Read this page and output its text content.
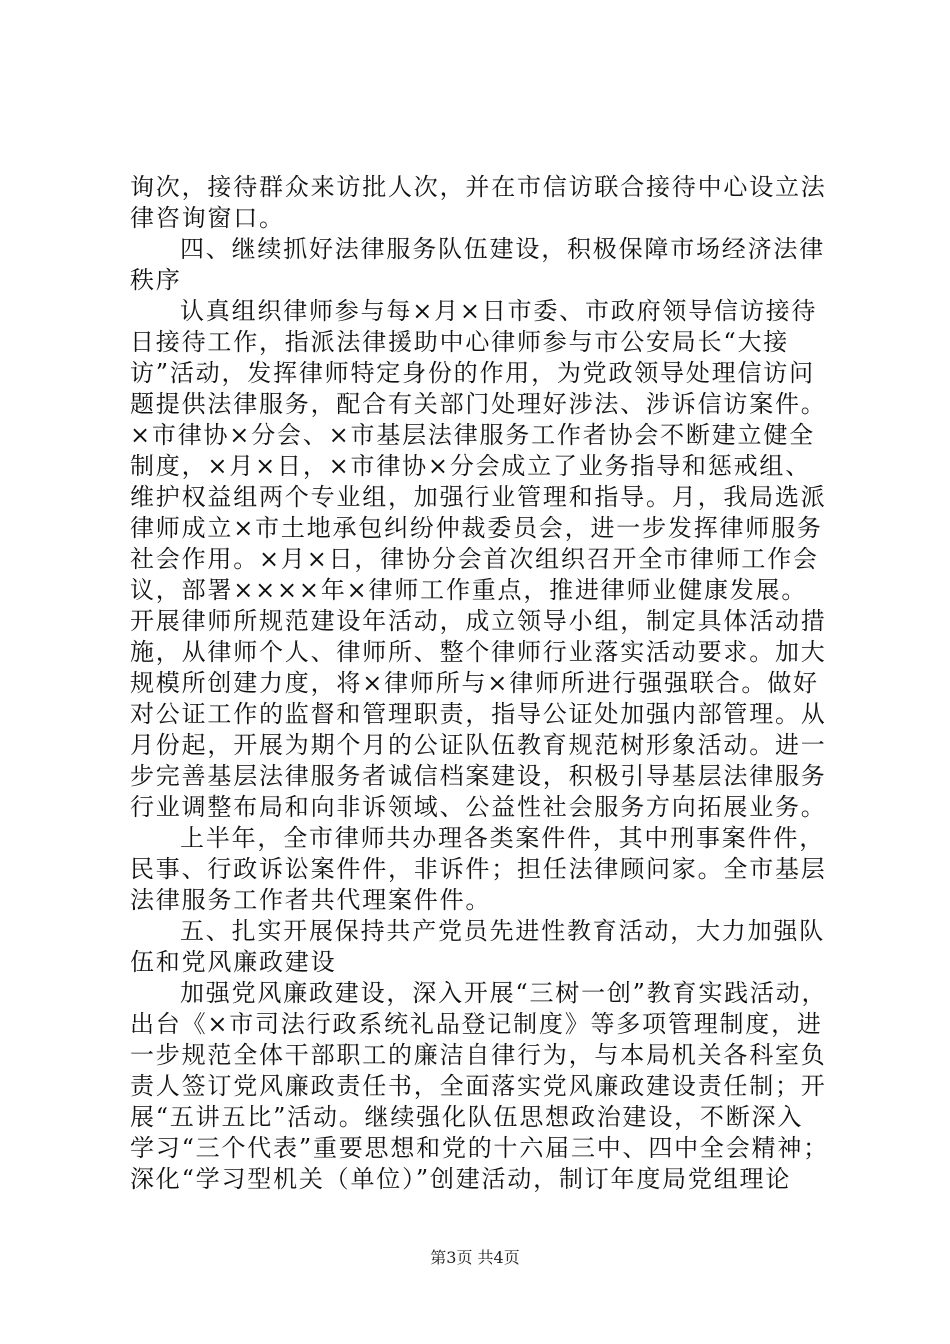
询次，接待群众来访批人次，并在市信访联合接待中心设立法
律咨询窗口。
四、继续抓好法律服务队伍建设，积极保障市场经济法律
秩序
认真组织律师参与每×月×日市委、市政府领导信访接待
日接待工作，指派法律援助中心律师参与市公安局长“大接
访”活动，发挥律师特定身份的作用，为党政领导处理信访问
题提供法律服务，配合有关部门处理好涉法、涉诉信访案件。
×市律协×分会、×市基层法律服务工作者协会不断建立健全
制度，×月×日，×市律协×分会成立了业务指导和惩戒组、
维护权益组两个专业组，加强行业管理和指导。月，我局选派
律师成立×市土地承包纠纷仲裁委员会，进一步发挥律师服务
社会作用。×月×日，律协分会首次组织召开全市律师工作会
议，部署××××年×律师工作重点，推进律师业健康发展。
开展律师所规范建设年活动，成立领导小组，制定具体活动措
施，从律师个人、律师所、整个律师行业落实活动要求。加大
规模所创建力度，将×律师所与×律师所进行强强联合。做好
对公证工作的监督和管理职责，指导公证处加强内部管理。从
月份起，开展为期个月的公证队伍教育规范树形象活动。进一
步完善基层法律服务者诚信档案建设，积极引导基层法律服务
行业调整布局和向非诉领域、公益性社会服务方向拓展业务。
上半年，全市律师共办理各类案件件，其中刑事案件件，
民事、行政诉讼案件件，非诉件；担任法律顾问家。全市基层
法律服务工作者共代理案件件。
五、扎实开展保持共产党员先进性教育活动，大力加强队
伍和党风廉政建设
加强党风廉政建设，深入开展“三树一创”教育实践活动，
出台《×市司法行政系统礼品登记制度》等多项管理制度，进
一步规范全体干部职工的廉洁自律行为，与本局机关各科室负
责人签订党风廉政责任书，全面落实党风廉政建设责任制；开
展“五讲五比”活动。继续强化队伍思想政治建设，不断深入
学习“三个代表”重要思想和党的十六届三中、四中全会精神；
深化“学习型机关（单位）”创建活动，制订年度局党组理论
第3页 共4页
